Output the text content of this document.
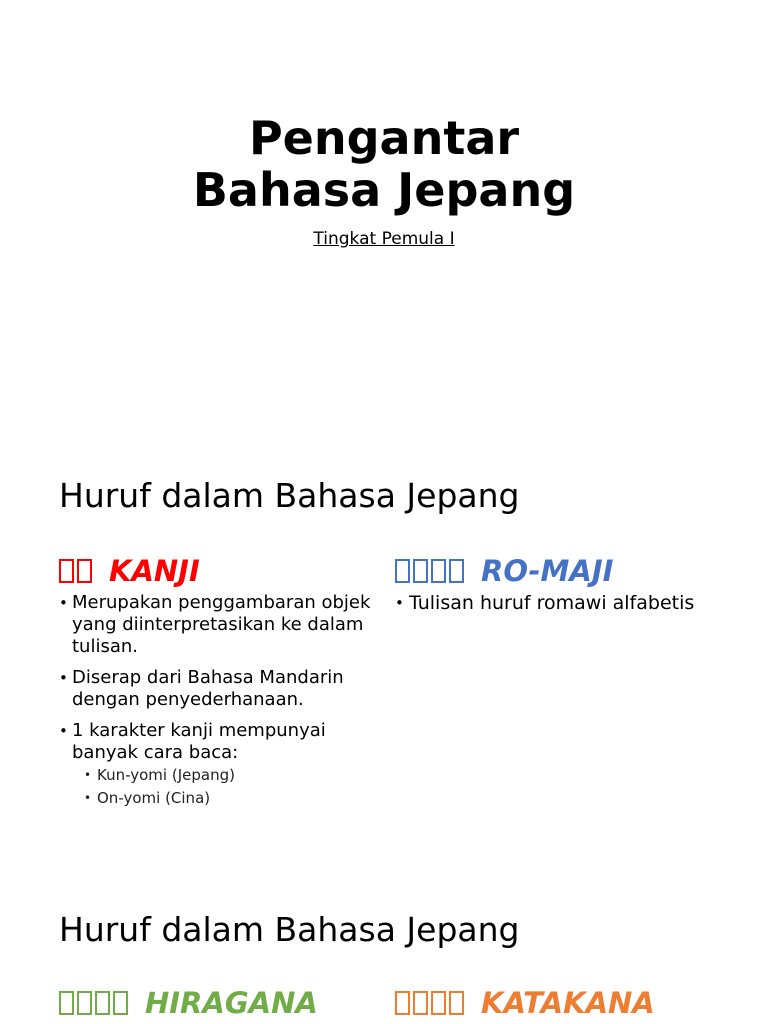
Pengantar
Bahasa Jepang
Tingkat Pemula I
Huruf dalam Bahasa Jepang
KANJI
• Merupakan penggambaran objek yang diinterpretasikan ke dalam tulisan.
• Diserap dari Bahasa Mandarin dengan penyederhanaan.
• 1 karakter kanji mempunyai banyak cara baca:
• Kun-yomi (Jepang)
• On-yomi (Cina)
RO-MAJI
• Tulisan huruf romawi alfabetis
Huruf dalam Bahasa Jepang
HIRAGANA	KATAKANA
